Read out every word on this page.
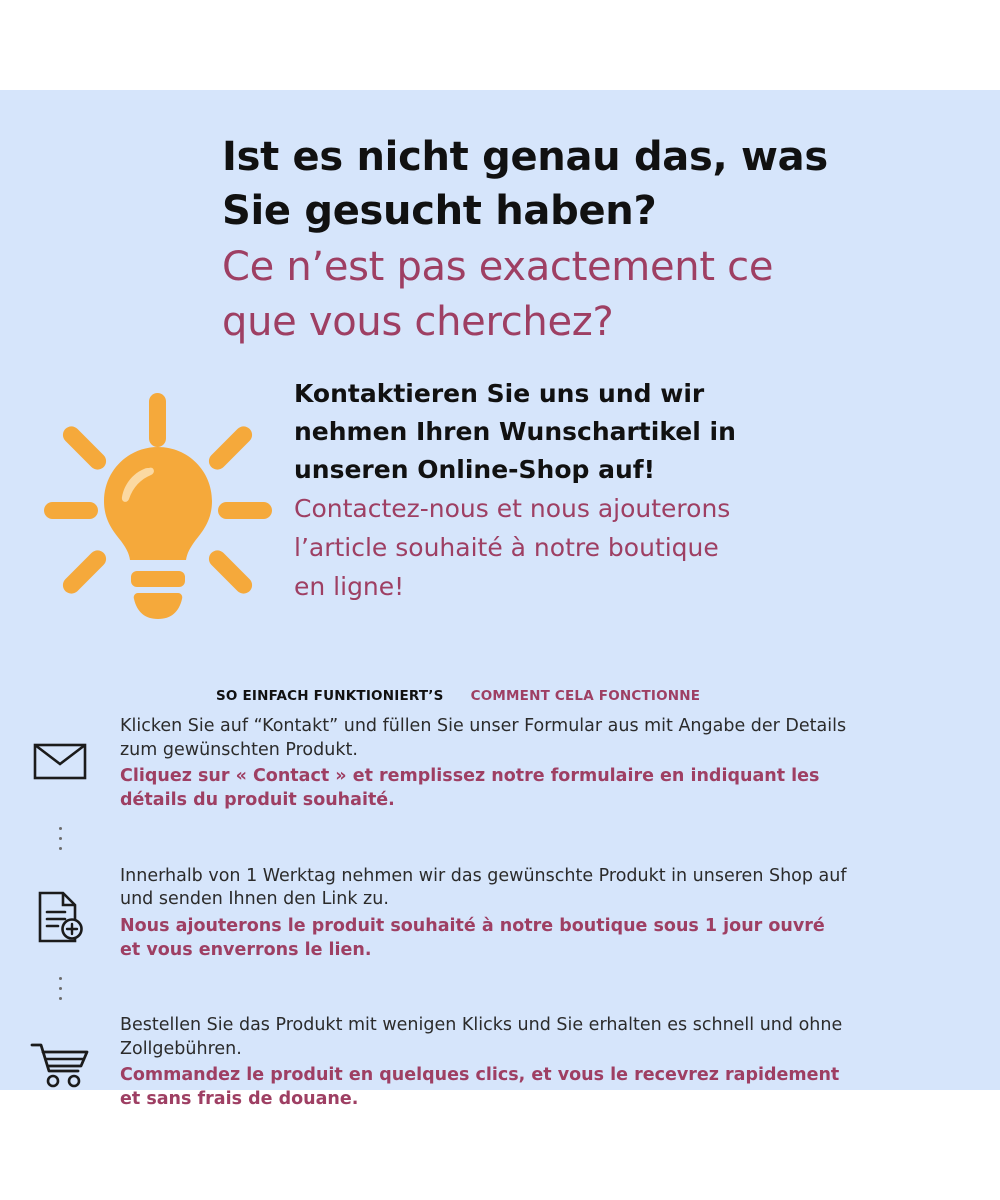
Ist es nicht genau das, was
Sie gesucht haben?
Ce n’est pas exactement ce
que vous cherchez?
Kontaktieren Sie uns und wir
nehmen Ihren Wunschartikel in
unseren Online-Shop auf!
Contactez-nous et nous ajouterons
l’article souhaité à notre boutique
en ligne!
SO EINFACH FUNKTIONIERT’S COMMENT CELA FONCTIONNE
Klicken Sie auf “Kontakt” und füllen Sie unser Formular aus mit Angabe der Details zum gewünschten Produkt.
Cliquez sur « Contact » et remplissez notre formulaire en indiquant les détails du produit souhaité.
Innerhalb von 1 Werktag nehmen wir das gewünschte Produkt in unseren Shop auf und senden Ihnen den Link zu.
Nous ajouterons le produit souhaité à notre boutique sous 1 jour ouvré et vous enverrons le lien.
Bestellen Sie das Produkt mit wenigen Klicks und Sie erhalten es schnell und ohne Zollgebühren.
Commandez le produit en quelques clics, et vous le recevrez rapidement et sans frais de douane.
